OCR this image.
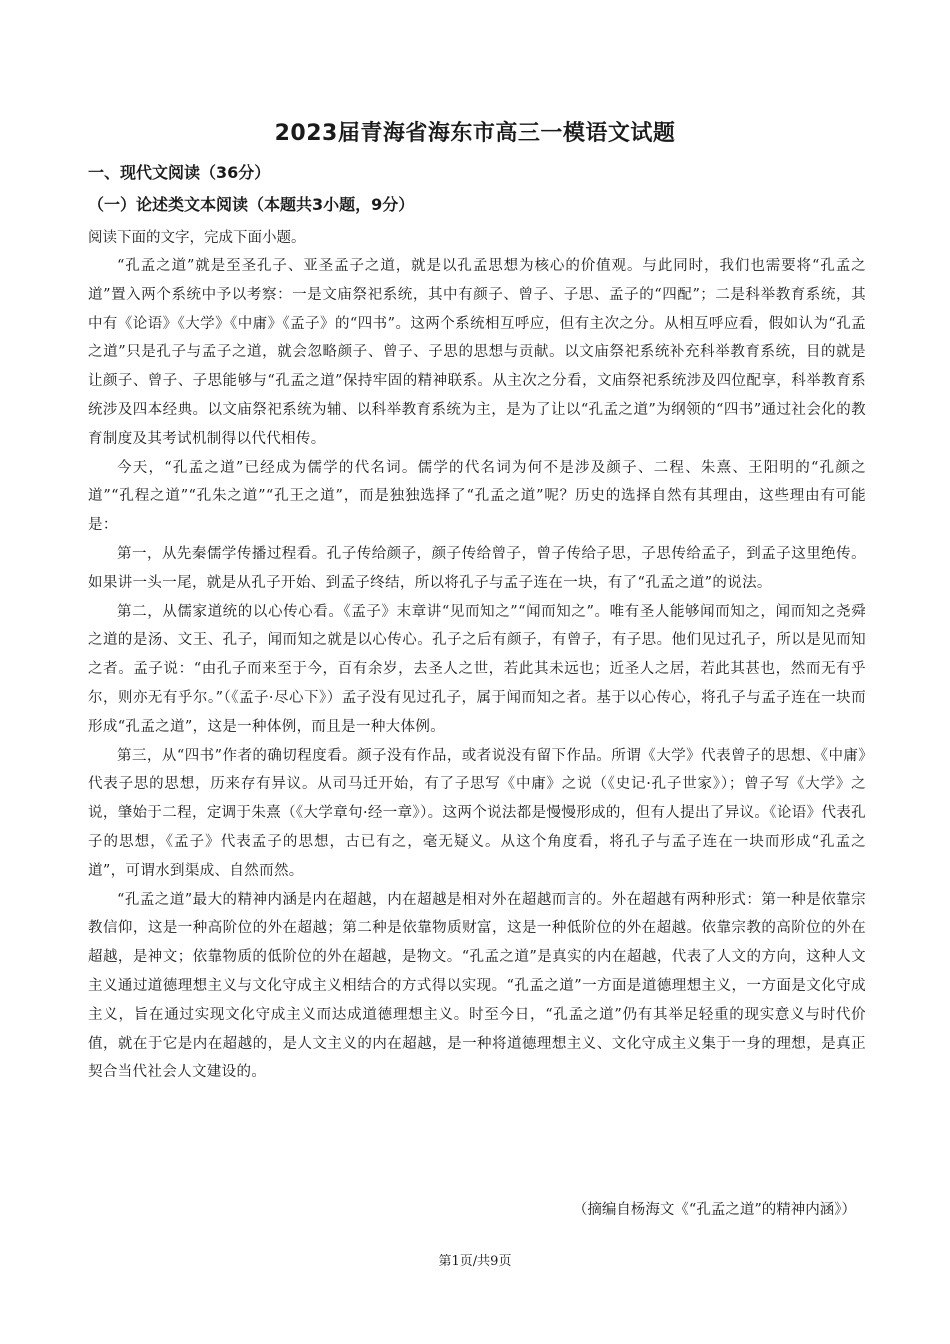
2023届青海省海东市高三一模语文试题
一、现代文阅读（36分）
（一）论述类文本阅读（本题共3小题，9分）

阅读下面的文字，完成下面小题。

“孔孟之道”就是至圣孔子、亚圣孟子之道，就是以孔孟思想为核心的价值观。与此同时，我们也需要将“孔孟之道”置入两个系统中予以考察：一是文庙祭祀系统，其中有颜子、曾子、子思、孟子的“四配”；二是科举教育系统，其中有《论语》《大学》《中庸》《孟子》的“四书”。这两个系统相互呼应，但有主次之分。从相互呼应看，假如认为“孔孟之道”只是孔子与孟子之道，就会忽略颜子、曾子、子思的思想与贡献。以文庙祭祀系统补充科举教育系统，目的就是让颜子、曾子、子思能够与“孔孟之道”保持牢固的精神联系。从主次之分看，文庙祭祀系统涉及四位配享，科举教育系统涉及四本经典。以文庙祭祀系统为辅、以科举教育系统为主，是为了让以“孔孟之道”为纲领的“四书”通过社会化的教育制度及其考试机制得以代代相传。

今天，“孔孟之道”已经成为儒学的代名词。儒学的代名词为何不是涉及颜子、二程、朱熹、王阳明的“孔颜之道”“孔程之道”“孔朱之道”“孔王之道”，而是独独选择了“孔孟之道”呢？历史的选择自然有其理由，这些理由有可能是：

第一，从先秦儒学传播过程看。孔子传给颜子，颜子传给曾子，曾子传给子思，子思传给孟子，到孟子这里绝传。如果讲一头一尾，就是从孔子开始、到孟子终结，所以将孔子与孟子连在一块，有了“孔孟之道”的说法。

第二，从儒家道统的以心传心看。《孟子》末章讲“见而知之”“闻而知之”。唯有圣人能够闻而知之，闻而知之尧舜之道的是汤、文王、孔子，闻而知之就是以心传心。孔子之后有颜子，有曾子，有子思。他们见过孔子，所以是见而知之者。孟子说：“由孔子而来至于今，百有余岁，去圣人之世，若此其未远也；近圣人之居，若此其甚也，然而无有乎尔，则亦无有乎尔。”（《孟子·尽心下》）孟子没有见过孔子，属于闻而知之者。基于以心传心，将孔子与孟子连在一块而形成“孔孟之道”，这是一种体例，而且是一种大体例。

第三，从“四书”作者的确切程度看。颜子没有作品，或者说没有留下作品。所谓《大学》代表曾子的思想、《中庸》代表子思的思想，历来存有异议。从司马迁开始，有了子思写《中庸》之说（《史记·孔子世家》）；曾子写《大学》之说，肇始于二程，定调于朱熹（《大学章句·经一章》）。这两个说法都是慢慢形成的，但有人提出了异议。《论语》代表孔子的思想，《孟子》代表孟子的思想，古已有之，毫无疑义。从这个角度看，将孔子与孟子连在一块而形成“孔孟之道”，可谓水到渠成、自然而然。

“孔孟之道”最大的精神内涵是内在超越，内在超越是相对外在超越而言的。外在超越有两种形式：第一种是依靠宗教信仰，这是一种高阶位的外在超越；第二种是依靠物质财富，这是一种低阶位的外在超越。依靠宗教的高阶位的外在超越，是神文；依靠物质的低阶位的外在超越，是物文。“孔孟之道”是真实的内在超越，代表了人文的方向，这种人文主义通过道德理想主义与文化守成主义相结合的方式得以实现。“孔孟之道”一方面是道德理想主义，一方面是文化守成主义，旨在通过实现文化守成主义而达成道德理想主义。时至今日，“孔孟之道”仍有其举足轻重的现实意义与时代价值，就在于它是内在超越的，是人文主义的内在超越，是一种将道德理想主义、文化守成主义集于一身的理想，是真正契合当代社会人文建设的。

（摘编自杨海文《“孔孟之道”的精神内涵》）

第1页/共9页
